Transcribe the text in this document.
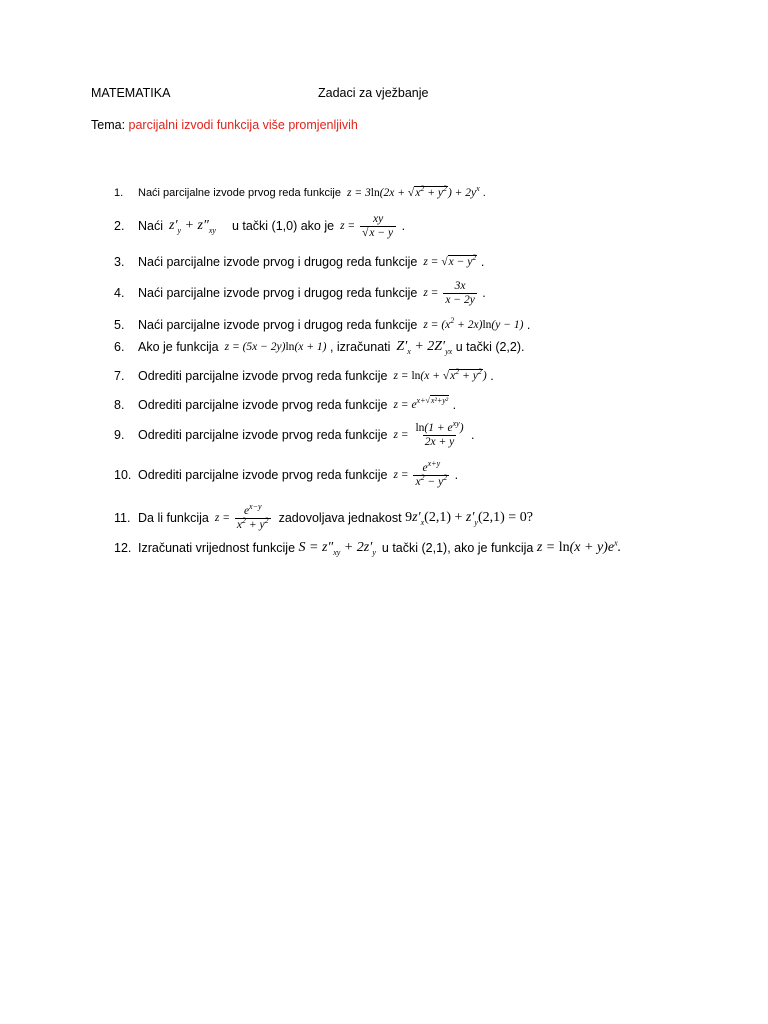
MATEMATIKA	Zadaci za vježbanje
Tema: parcijalni izvodi funkcija više promjenljivih
1.	Naći parcijalne izvode prvog reda funkcije $z = 3\ln(2x + √x^2 + y^2) + 2y^x$ .
2.	Naći $z'_y + z''_{xy}$ u tački (1,0) ako je $z = \frac{xy}{√x - y}$ .
3.	Naći parcijalne izvode prvog i drugog reda funkcije $z = √x - y^2$ .
4.	Naći parcijalne izvode prvog i drugog reda funkcije $z = \frac{3x}{x - 2y}$ .
5.	Naći parcijalne izvode prvog i drugog reda funkcije $z = (x^2 + 2x)\ln(y - 1)$ .
6.	Ako je funkcija z = (5x − 2y)ln(x + 1)
, izračunati $Z'_x + 2Z'_{yx}$
u tački (2,2).
7.	Odrediti parcijalne izvode prvog reda funkcije $z = \ln(x + √x^2 + y^2)$ .
8.	Odrediti parcijalne izvode prvog reda funkcije $z = e^{x+√x^2+y^2}$ .
9.	Odrediti parcijalne izvode prvog reda funkcije $z = \frac{\ln(1 + e^{xy})}{2x + y}$ .
10. Odrediti parcijalne izvode prvog reda funkcije $z = \frac{e^{x+y}}{x^2 - y^2}$ .
11. Da li funkcija $z = \frac{e^{x-y}}{x^2 + y^2}$ zadovoljava jednakost
$9z'_x(2,1) + z'_y(2,1) = 0$?
12. Izračunati vrijednost funkcije
$S = z''_{xy} + 2z'_y$ u tački (2,1), ako je funkcija
$z = \ln(x + y)e^x$.
